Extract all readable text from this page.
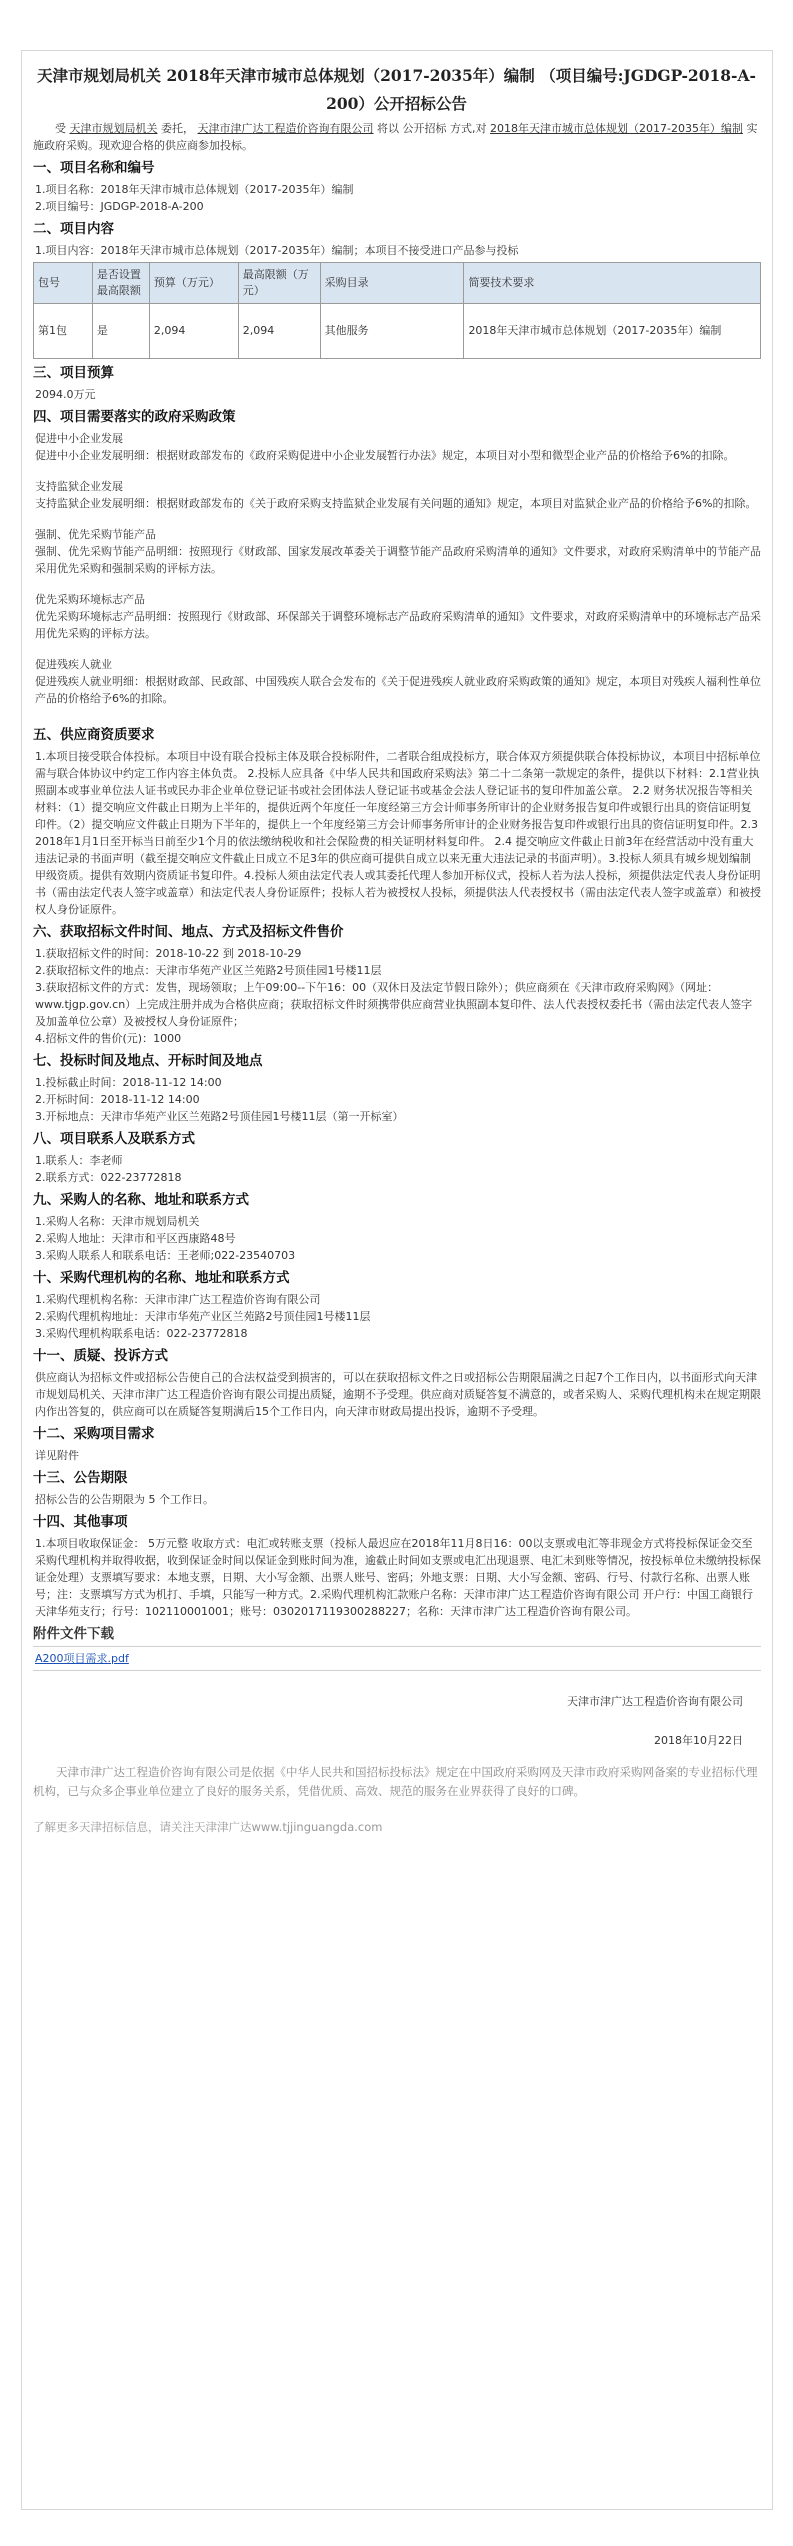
天津市规划局机关 2018年天津市城市总体规划（2017-2035年）编制 （项目编号:JGDGP-2018-A-200）公开招标公告

受 天津市规划局机关 委托， 天津市津广达工程造价咨询有限公司 将以 公开招标 方式,对 2018年天津市城市总体规划（2017-2035年）编制 实施政府采购。现欢迎合格的供应商参加投标。

一、项目名称和编号

1.项目名称：2018年天津市城市总体规划（2017-2035年）编制

2.项目编号：JGDGP-2018-A-200

二、项目内容

1.项目内容：2018年天津市城市总体规划（2017-2035年）编制；本项目不接受进口产品参与投标

包号	是否设置最高限额	预算（万元）	最高限额（万元）	采购目录	简要技术要求
第1包	是	2,094	2,094	其他服务	2018年天津市城市总体规划（2017-2035年）编制
三、项目预算

2094.0万元

四、项目需要落实的政府采购政策

促进中小企业发展

促进中小企业发展明细：根据财政部发布的《政府采购促进中小企业发展暂行办法》规定，本项目对小型和微型企业产品的价格给予6%的扣除。

支持监狱企业发展

支持监狱企业发展明细：根据财政部发布的《关于政府采购支持监狱企业发展有关问题的通知》规定，本项目对监狱企业产品的价格给予6%的扣除。

强制、优先采购节能产品

强制、优先采购节能产品明细：按照现行《财政部、国家发展改革委关于调整节能产品政府采购清单的通知》文件要求，对政府采购清单中的节能产品采用优先采购和强制采购的评标方法。

优先采购环境标志产品

优先采购环境标志产品明细：按照现行《财政部、环保部关于调整环境标志产品政府采购清单的通知》文件要求，对政府采购清单中的环境标志产品采用优先采购的评标方法。

促进残疾人就业

促进残疾人就业明细：根据财政部、民政部、中国残疾人联合会发布的《关于促进残疾人就业政府采购政策的通知》规定，本项目对残疾人福利性单位产品的价格给予6%的扣除。

五、供应商资质要求

1.本项目接受联合体投标。本项目中设有联合投标主体及联合投标附件，二者联合组成投标方，联合体双方须提供联合体投标协议，本项目中招标单位需与联合体协议中约定工作内容主体负责。 2.投标人应具备《中华人民共和国政府采购法》第二十二条第一款规定的条件，提供以下材料：2.1营业执照副本或事业单位法人证书或民办非企业单位登记证书或社会团体法人登记证书或基金会法人登记证书的复印件加盖公章。 2.2 财务状况报告等相关材料：（1）提交响应文件截止日期为上半年的，提供近两个年度任一年度经第三方会计师事务所审计的企业财务报告复印件或银行出具的资信证明复印件。（2）提交响应文件截止日期为下半年的，提供上一个年度经第三方会计师事务所审计的企业财务报告复印件或银行出具的资信证明复印件。2.3 2018年1月1日至开标当日前至少1个月的依法缴纳税收和社会保险费的相关证明材料复印件。 2.4 提交响应文件截止日前3年在经营活动中没有重大违法记录的书面声明（截至提交响应文件截止日成立不足3年的供应商可提供自成立以来无重大违法记录的书面声明）。3.投标人须具有城乡规划编制甲级资质。提供有效期内资质证书复印件。4.投标人须由法定代表人或其委托代理人参加开标仪式，投标人若为法人投标，须提供法定代表人身份证明书（需由法定代表人签字或盖章）和法定代表人身份证原件；投标人若为被授权人投标，须提供法人代表授权书（需由法定代表人签字或盖章）和被授权人身份证原件。

六、获取招标文件时间、地点、方式及招标文件售价

1.获取招标文件的时间：2018-10-22 到 2018-10-29

2.获取招标文件的地点：天津市华苑产业区兰苑路2号顶佳园1号楼11层

3.获取招标文件的方式：发售，现场领取；上午09:00--下午16：00（双休日及法定节假日除外）；供应商须在《天津市政府采购网》（网址：www.tjgp.gov.cn）上完成注册并成为合格供应商；获取招标文件时须携带供应商营业执照副本复印件、法人代表授权委托书（需由法定代表人签字及加盖单位公章）及被授权人身份证原件；

4.招标文件的售价(元)：1000

七、投标时间及地点、开标时间及地点

1.投标截止时间：2018-11-12 14:00

2.开标时间：2018-11-12 14:00

3.开标地点：天津市华苑产业区兰苑路2号顶佳园1号楼11层（第一开标室）

八、项目联系人及联系方式

1.联系人：李老师

2.联系方式：022-23772818

九、采购人的名称、地址和联系方式

1.采购人名称：天津市规划局机关

2.采购人地址：天津市和平区西康路48号

3.采购人联系人和联系电话：王老师;022-23540703

十、采购代理机构的名称、地址和联系方式

1.采购代理机构名称：天津市津广达工程造价咨询有限公司

2.采购代理机构地址：天津市华苑产业区兰苑路2号顶佳园1号楼11层

3.采购代理机构联系电话：022-23772818

十一、质疑、投诉方式

供应商认为招标文件或招标公告使自己的合法权益受到损害的，可以在获取招标文件之日或招标公告期限届满之日起7个工作日内，以书面形式向天津市规划局机关、天津市津广达工程造价咨询有限公司提出质疑，逾期不予受理。供应商对质疑答复不满意的，或者采购人、采购代理机构未在规定期限内作出答复的，供应商可以在质疑答复期满后15个工作日内，向天津市财政局提出投诉，逾期不予受理。

十二、采购项目需求

详见附件

十三、公告期限

招标公告的公告期限为 5 个工作日。

十四、其他事项

1.本项目收取保证金： 5万元整 收取方式：电汇或转账支票（投标人最迟应在2018年11月8日16：00以支票或电汇等非现金方式将投标保证金交至采购代理机构并取得收据，收到保证金时间以保证金到账时间为准，逾截止时间如支票或电汇出现退票、电汇未到账等情况，按投标单位未缴纳投标保证金处理）支票填写要求：本地支票，日期、大小写金额、出票人账号、密码；外地支票：日期、大小写金额、密码、行号、付款行名称、出票人账号；注：支票填写方式为机打、手填，只能写一种方式。2.采购代理机构汇款账户名称：天津市津广达工程造价咨询有限公司 开户行：中国工商银行天津华苑支行；行号：102110001001；账号：0302017119300288227；名称：天津市津广达工程造价咨询有限公司。

附件文件下载
A200项目需求.pdf

天津市津广达工程造价咨询有限公司

2018年10月22日

天津市津广达工程造价咨询有限公司是依据《中华人民共和国招标投标法》规定在中国政府采购网及天津市政府采购网备案的专业招标代理机构，已与众多企事业单位建立了良好的服务关系，凭借优质、高效、规范的服务在业界获得了良好的口碑。

了解更多天津招标信息，请关注天津津广达www.tjjinguangda.com
